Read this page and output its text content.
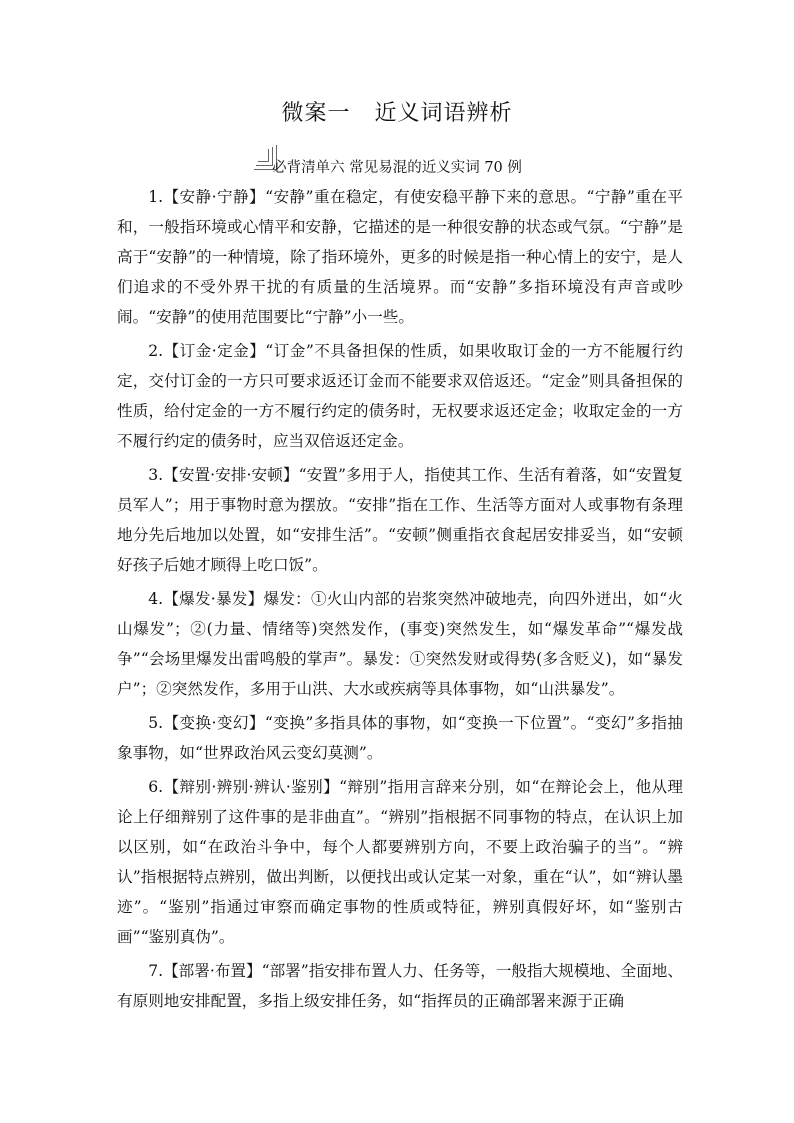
微案一 近义词语辨析
必背清单六 常见易混的近义实词 70 例

1.【安静·宁静】“安静”重在稳定，有使安稳平静下来的意思。“宁静”重在平和，一般指环境或心情平和安静，它描述的是一种很安静的状态或气氛。“宁静”是高于“安静”的一种情境，除了指环境外，更多的时候是指一种心情上的安宁，是人们追求的不受外界干扰的有质量的生活境界。而“安静”多指环境没有声音或吵闹。“安静”的使用范围要比“宁静”小一些。

2.【订金·定金】“订金”不具备担保的性质，如果收取订金的一方不能履行约定，交付订金的一方只可要求返还订金而不能要求双倍返还。“定金”则具备担保的性质，给付定金的一方不履行约定的债务时，无权要求返还定金；收取定金的一方不履行约定的债务时，应当双倍返还定金。

3.【安置·安排·安顿】“安置”多用于人，指使其工作、生活有着落，如“安置复员军人”；用于事物时意为摆放。“安排”指在工作、生活等方面对人或事物有条理地分先后地加以处置，如“安排生活”。“安顿”侧重指衣食起居安排妥当，如“安顿好孩子后她才顾得上吃口饭”。

4.【爆发·暴发】爆发：①火山内部的岩浆突然冲破地壳，向四外迸出，如“火山爆发”；②(力量、情绪等)突然发作，(事变)突然发生，如“爆发革命”“爆发战争”“会场里爆发出雷鸣般的掌声”。暴发：①突然发财或得势(多含贬义)，如“暴发户”；②突然发作，多用于山洪、大水或疾病等具体事物，如“山洪暴发”。

5.【变换·变幻】“变换”多指具体的事物，如“变换一下位置”。“变幻”多指抽象事物，如“世界政治风云变幻莫测”。

6.【辩别·辨别·辨认·鉴别】“辩别”指用言辞来分别，如“在辩论会上，他从理论上仔细辩别了这件事的是非曲直”。“辨别”指根据不同事物的特点，在认识上加以区别，如“在政治斗争中，每个人都要辨别方向，不要上政治骗子的当”。“辨认”指根据特点辨别，做出判断，以便找出或认定某一对象，重在“认”，如“辨认墨迹”。“鉴别”指通过审察而确定事物的性质或特征，辨别真假好坏，如“鉴别古画”“鉴别真伪”。

7.【部署·布置】“部署”指安排布置人力、任务等，一般指大规模地、全面地、有原则地安排配置，多指上级安排任务，如“指挥员的正确部署来源于正确
